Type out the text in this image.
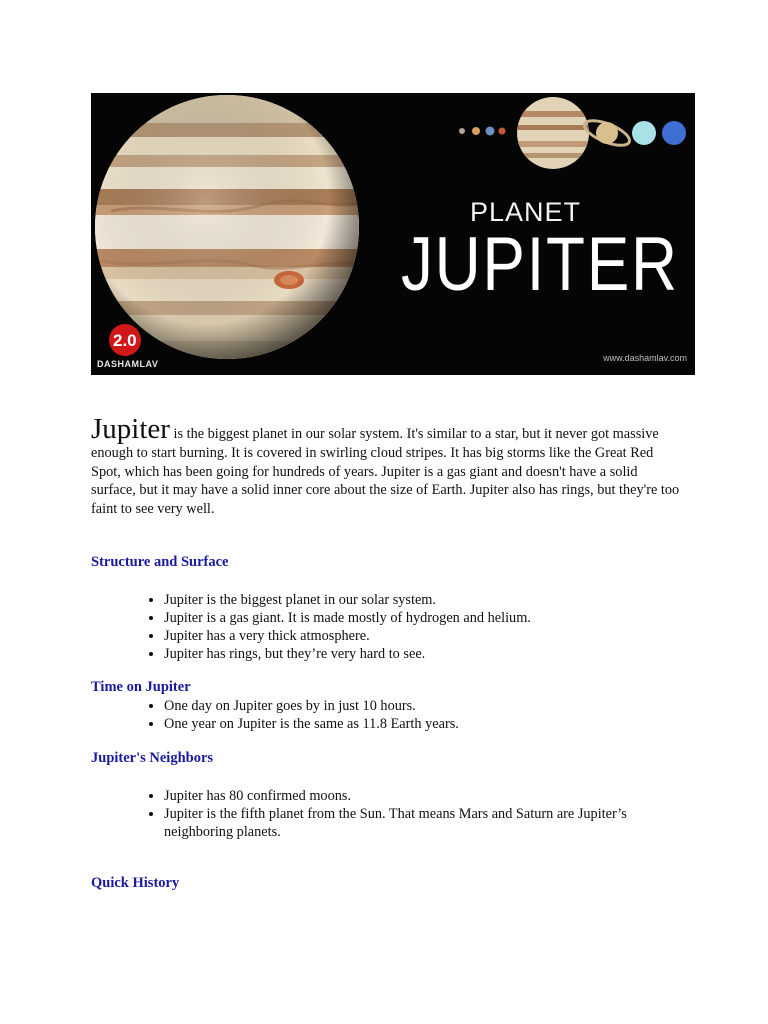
2.0
PLANET
JUPITER
DASHAMLAV
www.dashamlav.com

Jupiter is the biggest planet in our solar system. It's similar to a star, but it never got massive enough to start burning. It is covered in swirling cloud stripes. It has big storms like the Great Red Spot, which has been going for hundreds of years. Jupiter is a gas giant and doesn't have a solid surface, but it may have a solid inner core about the size of Earth. Jupiter also has rings, but they're too faint to see very well.

Structure and Surface
• Jupiter is the biggest planet in our solar system.
• Jupiter is a gas giant. It is made mostly of hydrogen and helium.
• Jupiter has a very thick atmosphere.
• Jupiter has rings, but they’re very hard to see.
Time on Jupiter
• One day on Jupiter goes by in just 10 hours.
• One year on Jupiter is the same as 11.8 Earth years.
Jupiter's Neighbors
• Jupiter has 80 confirmed moons.
• Jupiter is the fifth planet from the Sun. That means Mars and Saturn are Jupiter’s neighboring planets.
Quick History
